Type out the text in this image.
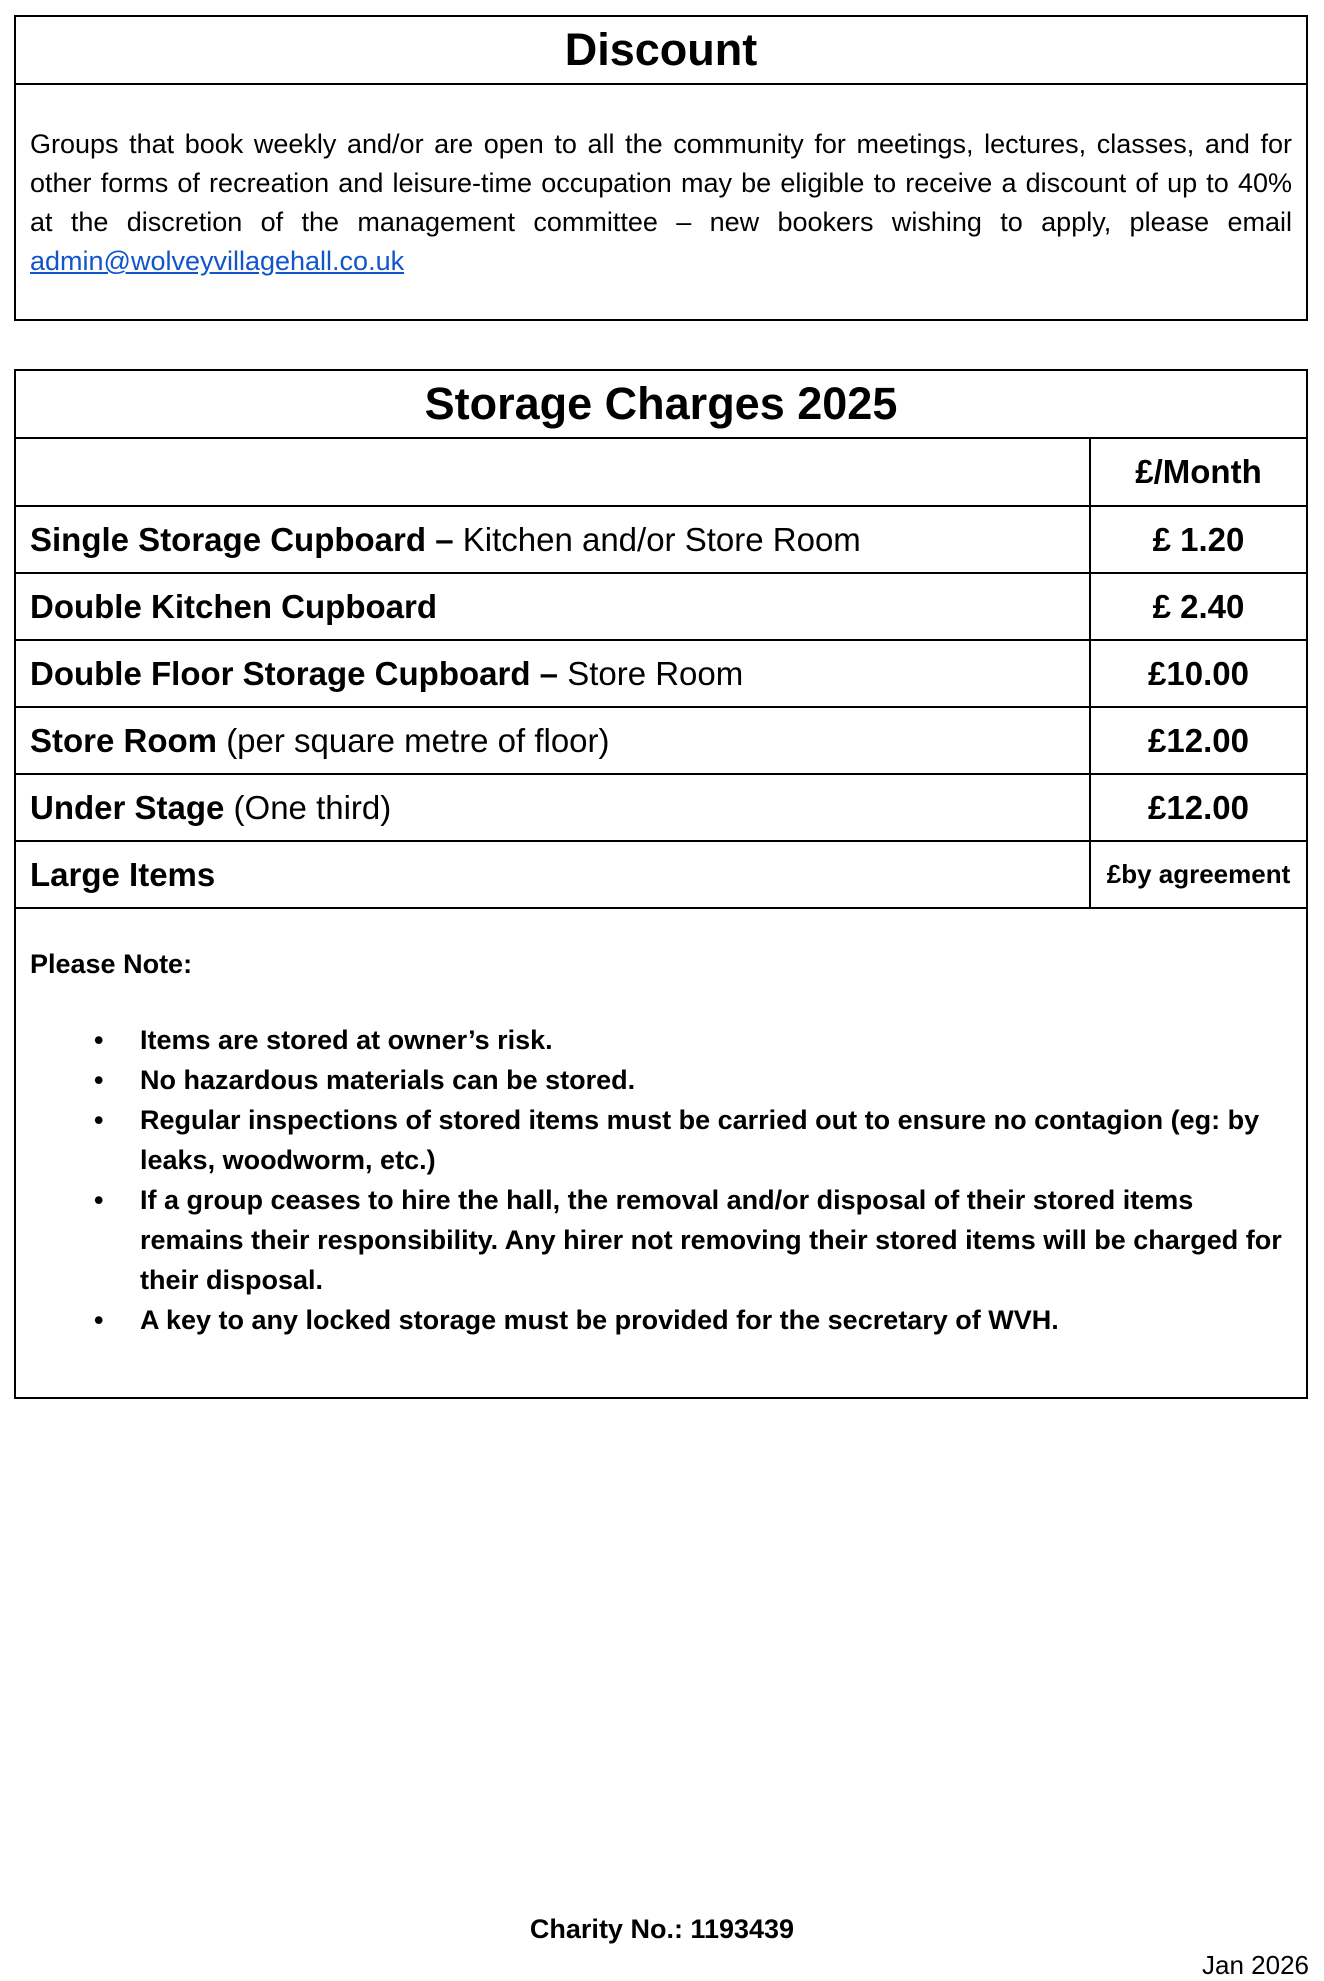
Discount
Groups that book weekly and/or are open to all the community for meetings, lectures, classes, and for other forms of recreation and leisure-time occupation may be eligible to receive a discount of up to 40% at the discretion of the management committee – new bookers wishing to apply, please email admin@wolveyvillagehall.co.uk
Storage Charges 2025
	£/Month
Single Storage Cupboard – Kitchen and/or Store Room	£ 1.20
Double Kitchen Cupboard	£ 2.40
Double Floor Storage Cupboard – Store Room	£10.00
Store Room (per square metre of floor)	£12.00
Under Stage (One third)	£12.00
Large Items	£by agreement
Please Note:
• Items are stored at owner’s risk.
• No hazardous materials can be stored.
• Regular inspections of stored items must be carried out to ensure no contagion (eg: by leaks, woodworm, etc.)
• If a group ceases to hire the hall, the removal and/or disposal of their stored items remains their responsibility. Any hirer not removing their stored items will be charged for their disposal.
• A key to any locked storage must be provided for the secretary of WVH.
Charity No.: 1193439
Jan 2026
